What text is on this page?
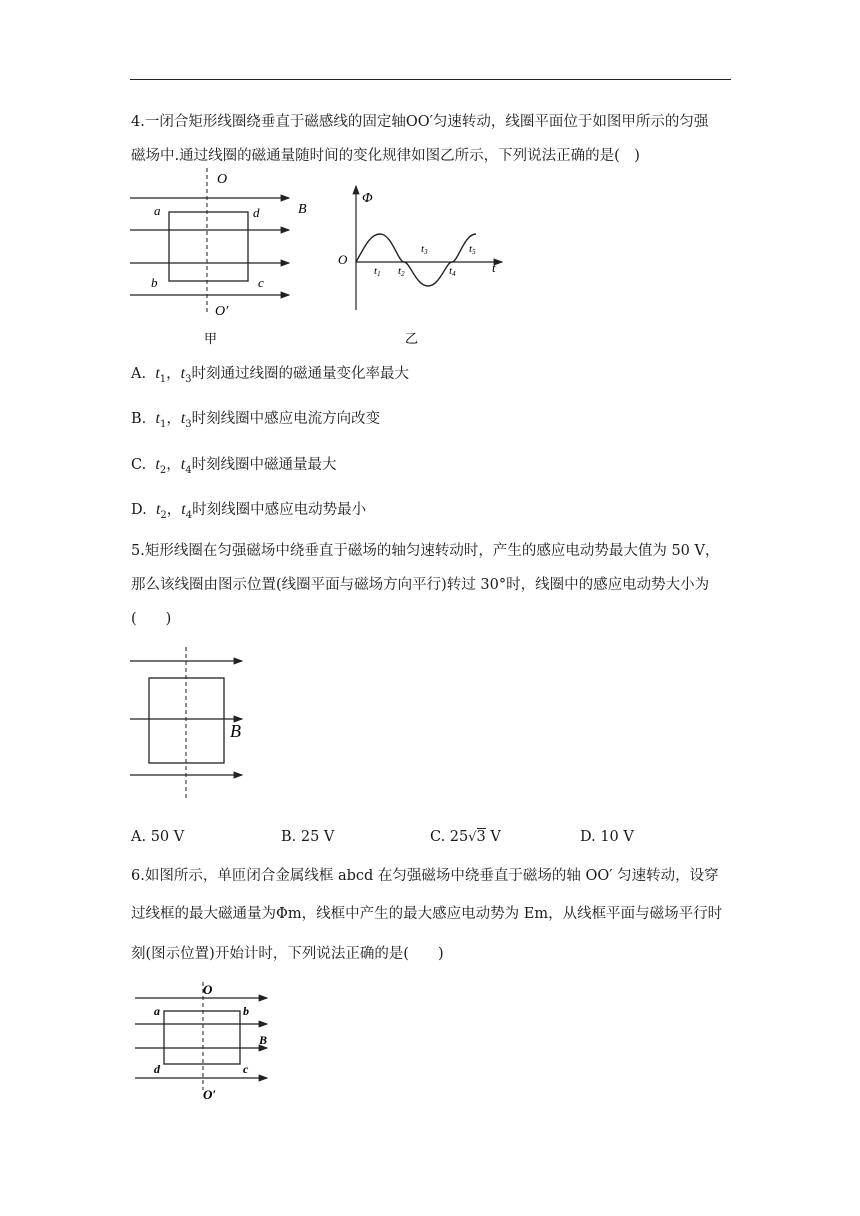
4.一闭合矩形线圈绕垂直于磁感线的固定轴OO′匀速转动，线圈平面位于如图甲所示的匀强
磁场中.通过线圈的磁通量随时间的变化规律如图乙所示，下列说法正确的是(　)
O
O′
a	d
b	c
B
甲
Φ
O
t
t1 t2
t3
t4
t5
乙
A. $t_1$，$t_3$时刻通过线圈的磁通量变化率最大
B. $t_1$，$t_3$时刻线圈中感应电流方向改变
C. $t_2$，$t_4$时刻线圈中磁通量最大
D. $t_2$，$t_4$时刻线圈中感应电动势最小
5.矩形线圈在匀强磁场中绕垂直于磁场的轴匀速转动时，产生的感应电动势最大值为 50 V，
那么该线圈由图示位置(线圈平面与磁场方向平行)转过 30°时，线圈中的感应电动势大小为
(　　)
B
A. 50 V	B. 25 V	C. 25√3 V	D. 10 V
6.如图所示，单匝闭合金属线框 abcd 在匀强磁场中绕垂直于磁场的轴 OO′ 匀速转动，设穿
过线框的最大磁通量为Φm，线框中产生的最大感应电动势为 Em，从线框平面与磁场平行时
刻(图示位置)开始计时，下列说法正确的是(　　)
O
O′
a	b
c
d
B
